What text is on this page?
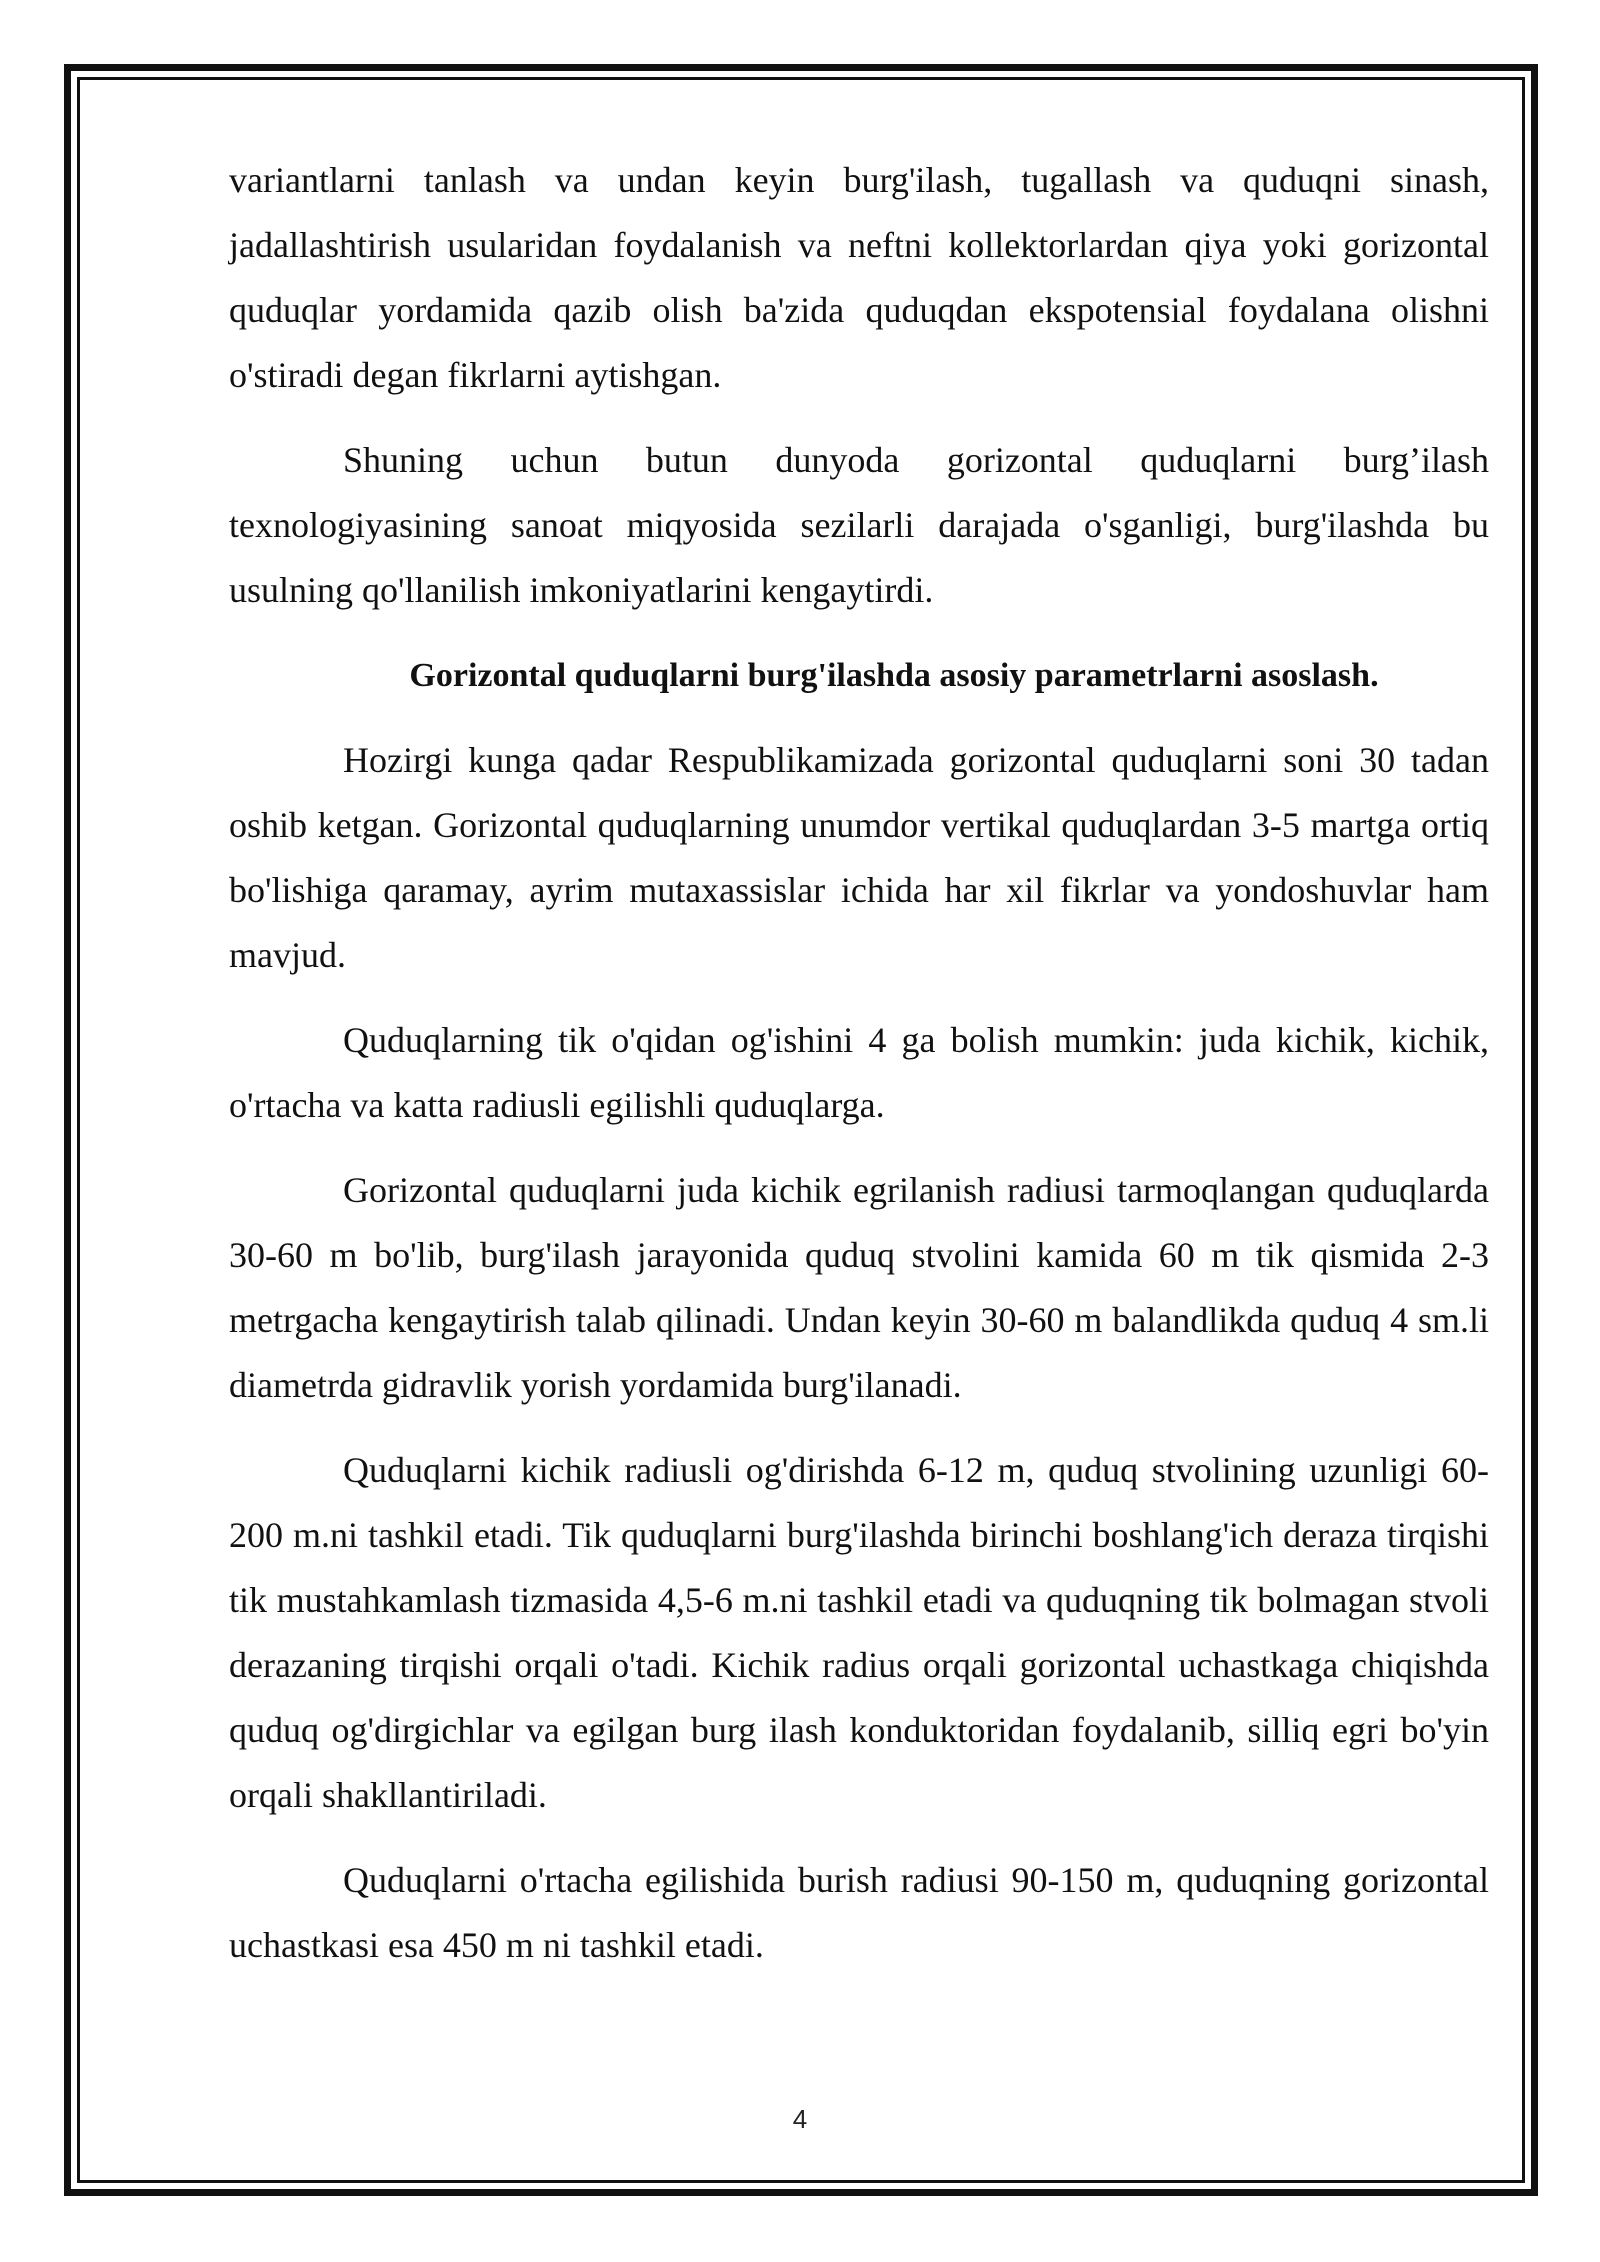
variantlarni tanlash va undan keyin burg'ilash, tugallash va quduqni sinash, jadallashtirish usularidan foydalanish va neftni kollektorlardan qiya yoki gorizontal quduqlar yordamida qazib olish ba'zida quduqdan ekspotensial foydalana olishni o'stiradi degan fikrlarni aytishgan.

Shuning uchun butun dunyoda gorizontal quduqlarni burg’ilash texnologiyasining sanoat miqyosida sezilarli darajada o'sganligi, burg'ilashda bu usulning qo'llanilish imkoniyatlarini kengaytirdi.

Gorizontal quduqlarni burg'ilashda asosiy parametrlarni asoslash.

Hozirgi kunga qadar Respublikamizada gorizontal quduqlarni soni 30 tadan oshib ketgan. Gorizontal quduqlarning unumdor vertikal quduqlardan 3-5 martga ortiq bo'lishiga qaramay, ayrim mutaxassislar ichida har xil fikrlar va yondoshuvlar ham mavjud.

Quduqlarning tik o'qidan og'ishini 4 ga bolish mumkin: juda kichik, kichik, o'rtacha va katta radiusli egilishli quduqlarga.

Gorizontal quduqlarni juda kichik egrilanish radiusi tarmoqlangan quduqlarda 30-60 m bo'lib, burg'ilash jarayonida quduq stvolini kamida 60 m tik qismida 2-3 metrgacha kengaytirish talab qilinadi. Undan keyin 30-60 m balandlikda quduq 4 sm.li diametrda gidravlik yorish yordamida burg'ilanadi.

Quduqlarni kichik radiusli og'dirishda 6-12 m, quduq stvolining uzunligi 60-200 m.ni tashkil etadi. Tik quduqlarni burg'ilashda birinchi boshlang'ich deraza tirqishi tik mustahkamlash tizmasida 4,5-6 m.ni tashkil etadi va quduqning tik bolmagan stvoli derazaning tirqishi orqali o'tadi. Kichik radius orqali gorizontal uchastkaga chiqishda quduq og'dirgichlar va egilgan burg ilash konduktoridan foydalanib, silliq egri bo'yin orqali shakllantiriladi.

Quduqlarni o'rtacha egilishida burish radiusi 90-150 m, quduqning gorizontal uchastkasi esa 450 m ni tashkil etadi.

4
